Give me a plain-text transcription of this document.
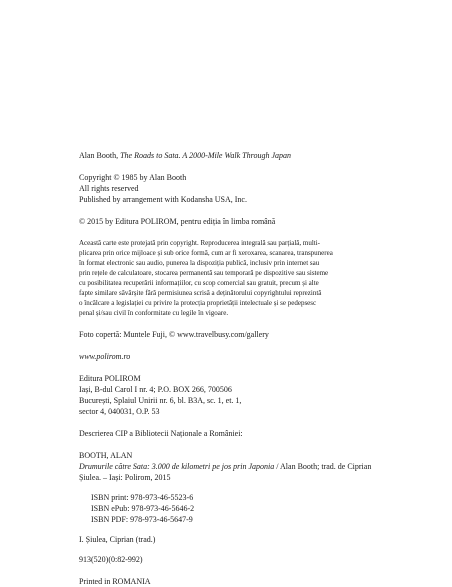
Alan Booth, The Roads to Sata. A 2000-Mile Walk Through Japan

Copyright © 1985 by Alan Booth

All rights reserved

Published by arrangement with Kodansha USA, Inc.

© 2015 by Editura POLIROM, pentru ediția în limba română

Această carte este protejată prin copyright. Reproducerea integrală sau parțială, multi-

plicarea prin orice mijloace și sub orice formă, cum ar fi xeroxarea, scanarea, transpunerea

în format electronic sau audio, punerea la dispoziția publică, inclusiv prin internet sau

prin rețele de calculatoare, stocarea permanentă sau temporară pe dispozitive sau sisteme

cu posibilitatea recuperării informațiilor, cu scop comercial sau gratuit, precum și alte

fapte similare săvârșite fără permisiunea scrisă a deținătorului copyrightului reprezintă

o încălcare a legislației cu privire la protecția proprietății intelectuale și se pedepsesc

penal și/sau civil în conformitate cu legile în vigoare.

Foto copertă: Muntele Fuji, © www.travelbusy.com/gallery

www.polirom.ro

Editura POLIROM

Iași, B-dul Carol I nr. 4; P.O. BOX 266, 700506

București, Splaiul Unirii nr. 6, bl. B3A, sc. 1, et. 1,

sector 4, 040031, O.P. 53

Descrierea CIP a Bibliotecii Naționale a României:

BOOTH, ALAN

Drumurile către Sata: 3.000 de kilometri pe jos prin Japonia / Alan Booth; trad. de Ciprian

Șiulea. – Iași: Polirom, 2015

ISBN print: 978-973-46-5523-6

ISBN ePub: 978-973-46-5646-2

ISBN PDF: 978-973-46-5647-9

I. Șiulea, Ciprian (trad.)

913(520)(0:82-992)

Printed in ROMANIA
